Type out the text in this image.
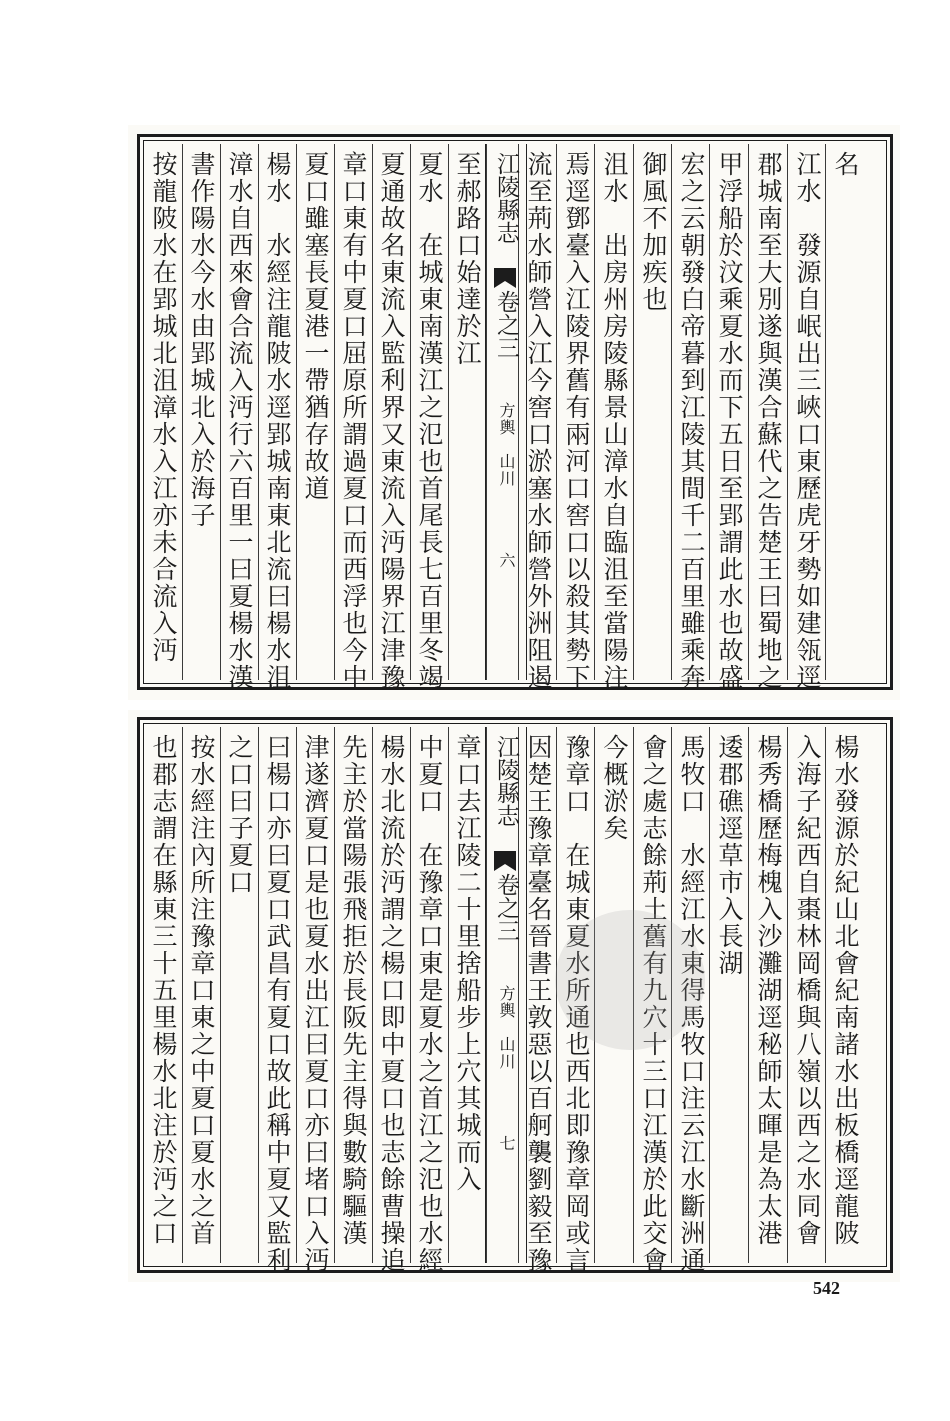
名
江水　發源自岷出三峽口東歷虎牙勢如建瓴逕
郡城南至大別遂與漢合蘇代之告楚王曰蜀地之
甲浮船於汶乘夏水而下五日至郢謂此水也故盛
宏之云朝發白帝暮到江陵其間千二百里雖乘奔
御風不加疾也
沮水　出房州房陵縣景山漳水自臨沮至當陽注
焉逕鄧臺入江陵界舊有兩河口窖口以殺其勢下
流至荊水師營入江今窖口淤塞水師營外洲阻遏
江陵縣志
卷之三
方輿　山川
六
至郝路口始達於江
夏水　在城東南漢江之氾也首尾長七百里冬竭
夏通故名東流入監利界又東流入沔陽界江津豫
章口東有中夏口屈原所謂過夏口而西浮也今中
夏口雖塞長夏港一帶猶存故道
楊水　水經注龍陂水逕郢城南東北流曰楊水沮
漳水自西來會合流入沔行六百里一曰夏楊水漢
書作陽水今水由郢城北入於海子
按龍陂水在郢城北沮漳水入江亦未合流入沔
楊水發源於紀山北會紀南諸水出板橋逕龍陂
入海子紀西自棗林岡橋與八嶺以西之水同會
楊秀橋歷梅槐入沙灘湖逕秘師太暉是為太港
逶郡礁逕草市入長湖
馬牧口　水經江水東得馬牧口注云江水斷洲通
會之處志餘荊土舊有九穴十三口江漢於此交會
今概淤矣
豫章口　在城東夏水所通也西北即豫章岡或言
因楚王豫章臺名晉書王敦惡以百舸襲劉毅至豫
江陵縣志
卷之三
方輿　山川
七
章口去江陵二十里捨船步上穴其城而入
中夏口　在豫章口東是夏水之首江之氾也水經
楊水北流於沔謂之楊口即中夏口也志餘曹操追
先主於當陽張飛拒於長阪先主得與數騎驅漢
津遂濟夏口是也夏水出江曰夏口亦曰堵口入沔
曰楊口亦曰夏口武昌有夏口故此稱中夏又監利
之口曰子夏口
按水經注內所注豫章口東之中夏口夏水之首
也郡志謂在縣東三十五里楊水北注於沔之口
542
